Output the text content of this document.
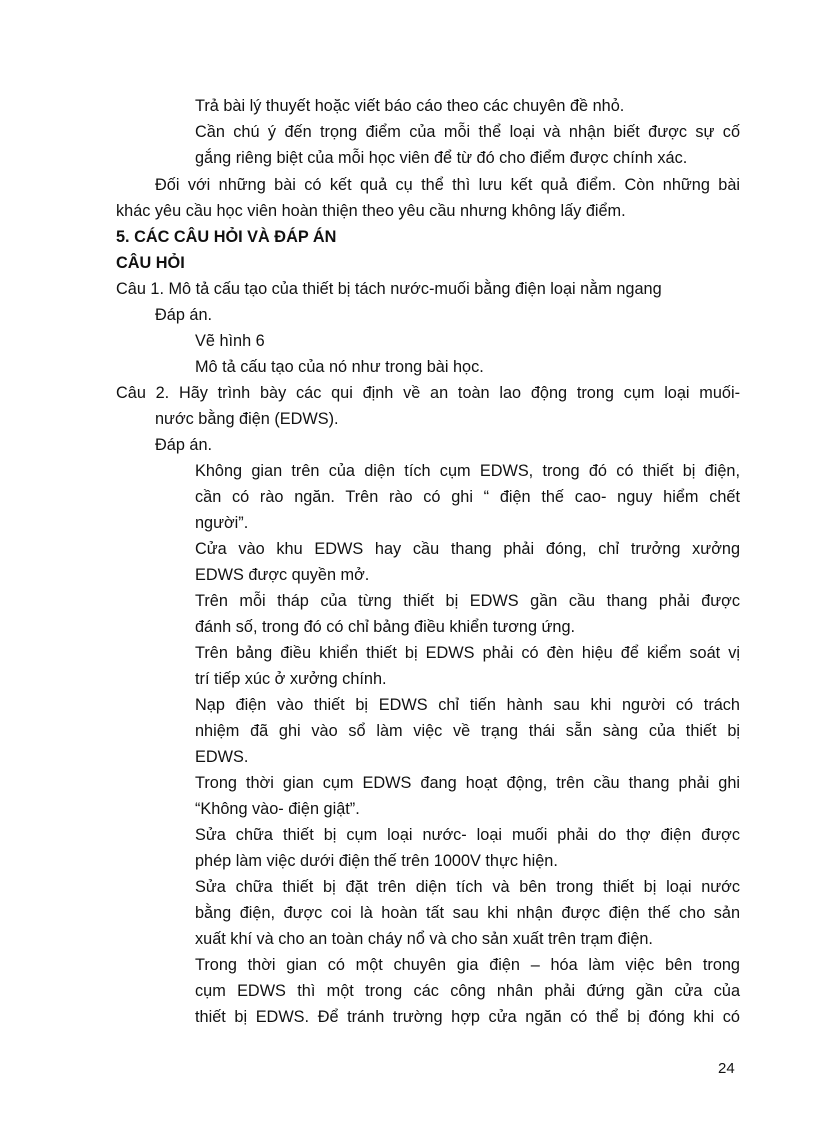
Trả bài lý thuyết hoặc viết báo cáo theo các chuyên đề nhỏ.
Cần chú ý đến trọng điểm của mỗi thể loại và nhận biết được sự cố
gắng riêng biệt của mỗi học viên để từ đó cho điểm được chính xác.
Đối với những bài có kết quả cụ thể thì lưu kết quả điểm. Còn những bài
khác yêu cầu học viên hoàn thiện theo yêu cầu nhưng không lấy điểm.
5. CÁC CÂU HỎI VÀ ĐÁP ÁN
CÂU HỎI
Câu 1. Mô tả cấu tạo của thiết bị tách nước-muối bằng điện loại nằm ngang
Đáp án.
Vẽ hình 6
Mô tả cấu tạo của nó như trong bài học.
Câu 2. Hãy trình bày các qui định về an toàn lao động trong cụm loại muối-
nước bằng điện (EDWS).
Đáp án.
Không gian trên của diện tích cụm EDWS, trong đó có thiết bị điện,
cần có rào ngăn. Trên rào có ghi “ điện thế cao- nguy hiểm chết
người”.
Cửa vào khu EDWS hay cầu thang phải đóng, chỉ trưởng xưởng
EDWS được quyền mở.
Trên mỗi tháp của từng thiết bị EDWS gần cầu thang phải được
đánh số, trong đó có chỉ bảng điều khiển tương ứng.
Trên bảng điều khiển thiết bị EDWS phải có đèn hiệu để kiểm soát vị
trí tiếp xúc ở xưởng chính.
Nạp điện vào thiết bị EDWS chỉ tiến hành sau khi người có trách
nhiệm đã ghi vào sổ làm việc về trạng thái sẵn sàng của thiết bị
EDWS.
Trong thời gian cụm EDWS đang hoạt động, trên cầu thang phải ghi
“Không vào- điện giật”.
Sửa chữa thiết bị cụm loại nước- loại muối phải do thợ điện được
phép làm việc dưới điện thế trên 1000V thực hiện.
Sửa chữa thiết bị đặt trên diện tích và bên trong thiết bị loại nước
bằng điện, được coi là hoàn tất sau khi nhận được điện thế cho sản
xuất khí và cho an toàn cháy nổ và cho sản xuất trên trạm điện.
Trong thời gian có một chuyên gia điện – hóa làm việc bên trong
cụm EDWS thì một trong các công nhân phải đứng gần cửa của
thiết bị EDWS. Để tránh trường hợp cửa ngăn có thể bị đóng khi có
24
